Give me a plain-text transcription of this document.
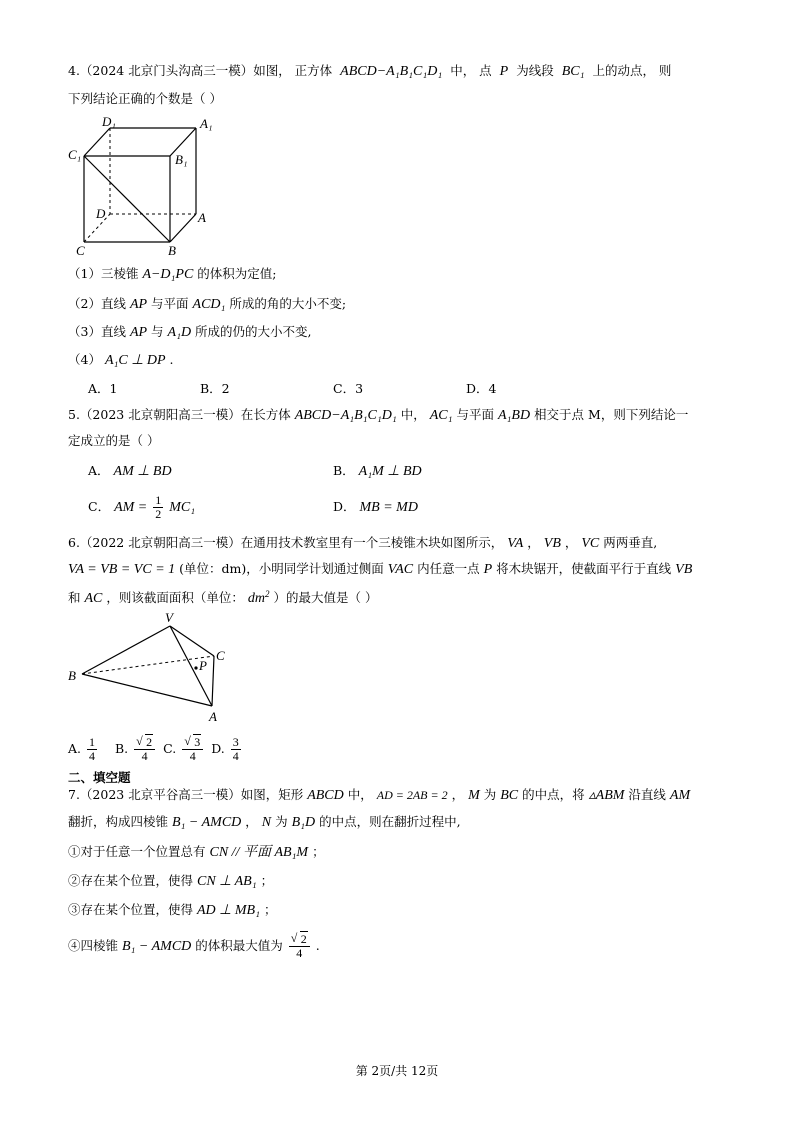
4.（2024 北京门头沟高三一模）如图， 正方体 ABCD−A₁B₁C₁D₁ 中， 点 P 为线段 BC₁ 上的动点， 则
下列结论正确的个数是（ ）
D₁	A₁
C₁	B₁
D	A
C	B
（1）三棱锥 A−D₁PC 的体积为定值;
（2）直线 AP 与平面 ACD₁ 所成的角的大小不变;
（3）直线 AP 与 A₁D 所成的仍的大小不变,
（4） A₁C ⊥ DP .
A．1	B．2	C．3	D．4
5.（2023 北京朝阳高三一模）在长方体 ABCD−A₁B₁C₁D₁ 中， AC₁ 与平面 A₁BD 相交于点 M，则下列结论一
定成立的是（ ）
A． AM ⊥ BD	B． A₁M ⊥ BD
C． AM = $\frac{1}{2} MC_1$	D． MB = MD
6.（2022 北京朝阳高三一模）在通用技术教室里有一个三棱锥木块如图所示， VA ， VB ， VC 两两垂直,
VA = VB = VC = 1 (单位：dm)，小明同学计划通过侧面 VAC 内任意一点 P 将木块锯开，使截面平行于直线 VB
和 AC ，则该截面面积（单位： $dm^2$ ）的最大值是（ ）
V
B
C
P
A
A. $\frac{1}{4} B$. √ $\frac{2}{4} C$. √ $\frac{3}{4} D$. $\frac{3}{4}$
二、填空题
7.（2023 北京平谷高三一模）如图，矩形 ABCD 中， AD = 2AB = 2 ， M 为 BC 的中点，将 ▵ABM 沿直线 AM
翻折，构成四棱锥 B₁ − AMCD ， N 为 B₁D 的中点，则在翻折过程中,
①对于任意一个位置总有 CN // 平面 AB₁M ；
②存在某个位置，使得 CN ⊥ AB₁ ；
③存在某个位置，使得 AD ⊥ MB₁ ；
④四棱锥 B₁ − AMCD 的体积最大值为 √ $\frac{2}{4}$ .
第 2页/共 12页
